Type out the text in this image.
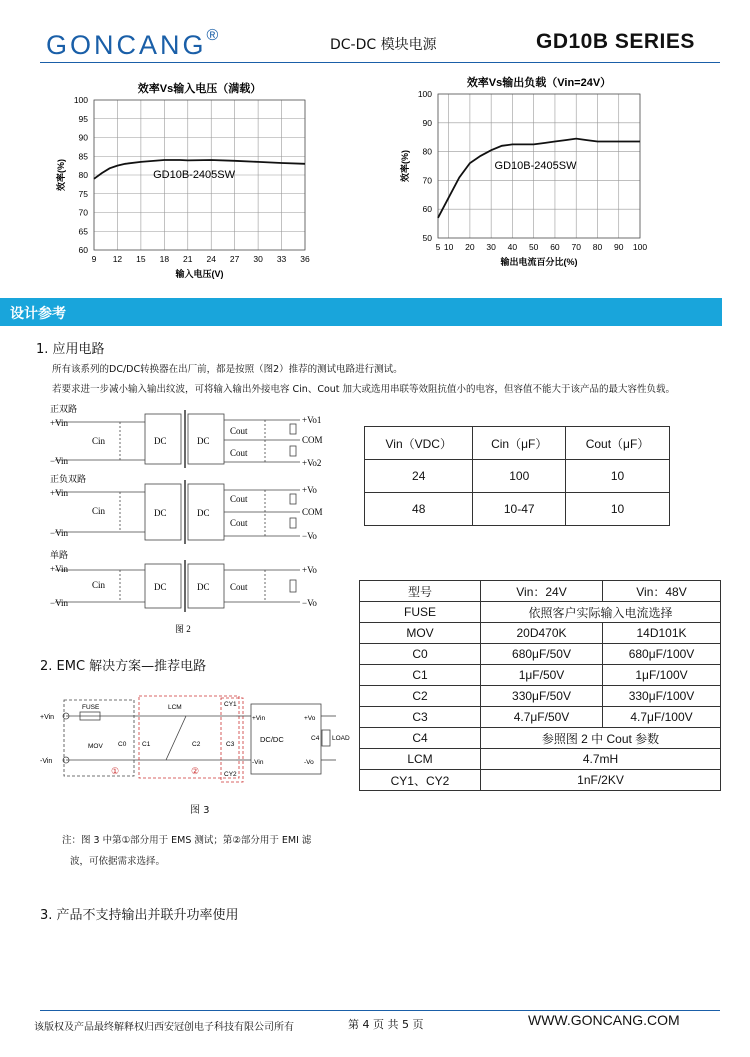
GONCANG®
DC-DC 模块电源	GD10B SERIES
效率Vs输入电压（满载）
9 12 15 18 21 24 27 30 33 36
60
65
70
75
80
85
90
95
100
GD10B-2405SW
输入电压(V)
效率(%)
效率Vs输出负载（Vin=24V）
5 10 20 30 40 50 60 70 80 90 100
50
60
70
80
90
100
GD10B-2405SW
输出电流百分比(%)
效率(%)
设计参考
1. 应用电路
所有该系列的DC/DC转换器在出厂前，都是按照（图2）推荐的测试电路进行测试。
若要求进一步减小输入输出纹波，可将输入输出外接电容 Cin、Cout 加大或选用串联等效阻抗值小的电容，但容值不能大于该产品的最大容性负载。
正双路
+Vin
−Vin
Cin	DC	DC
Cout
Cout
+Vo1
COM
+Vo2
正负双路
+Vin
−Vin
Cin	DC	DC
Cout
Cout
+Vo
COM
−Vo
单路
+Vin
−Vin
Cin	DC	DC Cout
+Vo
−Vo
图 2
Vin（VDC）	Cin（μF）	Cout（μF）
24	100	10
48	10-47	10
2. EMC 解决方案—推荐电路
+Vin
-Vin
FUSE
MOV C0 C1
LCM
C2	C3
CY1
CY2
+Vin
-Vin
DC/DC
+Vo
-Vo
C4 LOAD
①	②
图 3
注：图 3 中第①部分用于 EMS 测试；第②部分用于 EMI 滤
波，可依据需求选择。
型号	Vin：24V	Vin：48V
FUSE	依照客户实际输入电流选择	
MOV	20D470K	14D101K
C0	680μF/50V	680μF/100V
C1	1μF/50V	1μF/100V
C2	330μF/50V	330μF/100V
C3	4.7μF/50V	4.7μF/100V
C4	参照图 2 中 Cout 参数	
LCM	4.7mH	
CY1、CY2	1nF/2KV	
3. 产品不支持输出并联升功率使用
该版权及产品最终解释权归西安冠创电子科技有限公司所有	第 4 页 共 5 页	WWW.GONCANG.COM
